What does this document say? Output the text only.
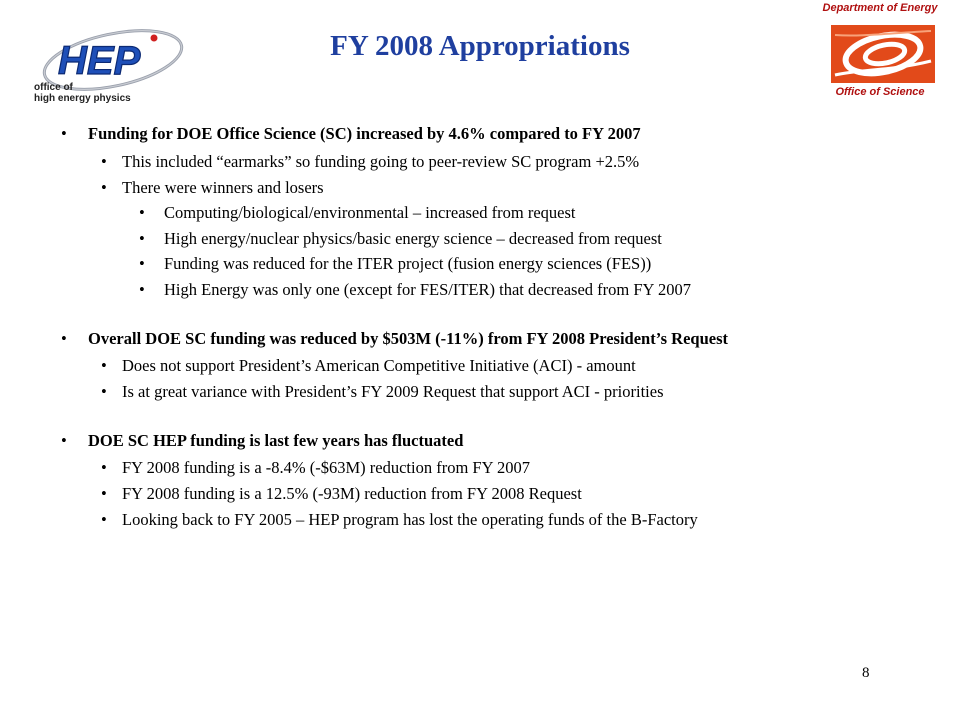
HEP
office of
high energy physics
FY 2008 Appropriations
Department of Energy
Office of Science
• Funding for DOE Office Science (SC) increased by 4.6% compared to FY 2007
• This included “earmarks” so funding going to peer-review SC program +2.5%
• There were winners and losers
• Computing/biological/environmental – increased from request
• High energy/nuclear physics/basic energy science – decreased from request
• Funding was reduced for the ITER project (fusion energy sciences (FES))
• High Energy was only one (except for FES/ITER) that decreased from FY 2007
• Overall DOE SC funding was reduced by $503M (-11%) from FY 2008 President’s Request
• Does not support President’s American Competitive Initiative (ACI) - amount
• Is at great variance with President’s FY 2009 Request that support ACI - priorities
• DOE SC HEP funding is last few years has fluctuated
• FY 2008 funding is a -8.4% (-$63M) reduction from FY 2007
• FY 2008 funding is a 12.5% (-93M) reduction from FY 2008 Request
• Looking back to FY 2005 – HEP program has lost the operating funds of the B-Factory
8
